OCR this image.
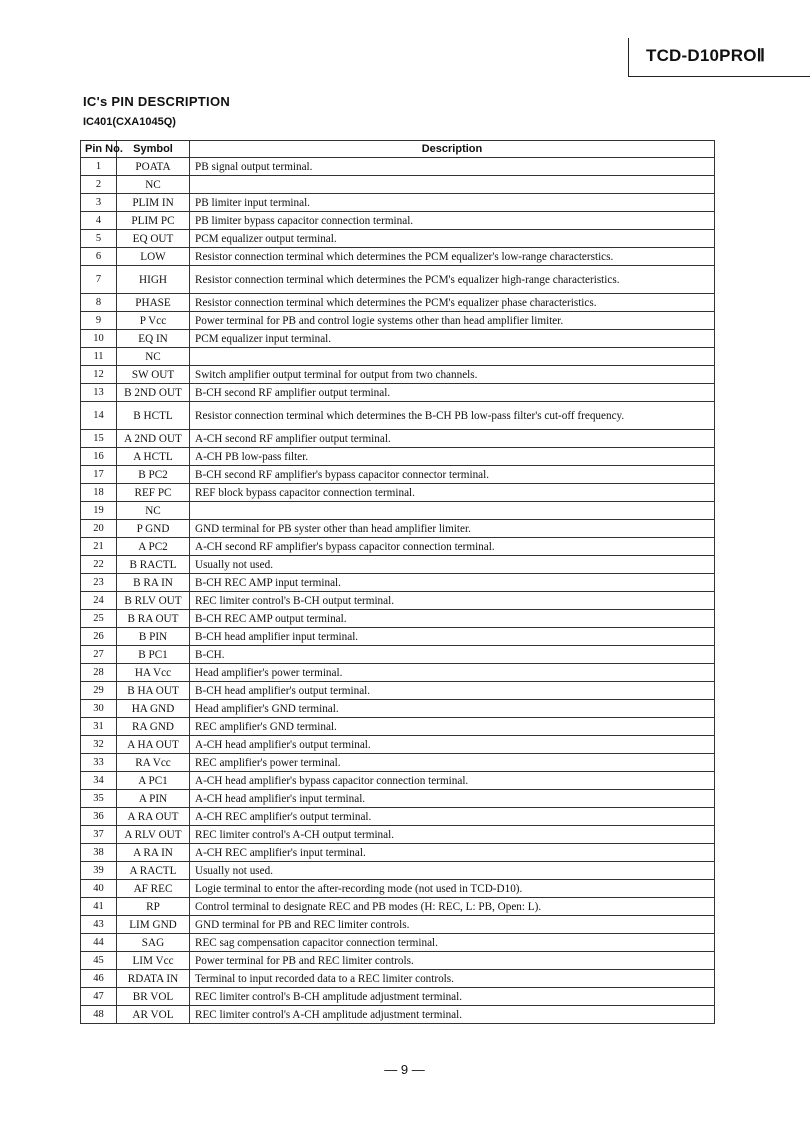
TCD-D10PROⅡ
IC's PIN DESCRIPTION
IC401(CXA1045Q)
Pin No.	Symbol	Description
1	POATA	PB signal output terminal.
2	NC	
3	PLIM IN	PB limiter input terminal.
4	PLIM PC	PB limiter bypass capacitor connection terminal.
5	EQ OUT	PCM equalizer output terminal.
6	LOW	Resistor connection terminal which determines the PCM equalizer's low-range characterstics.
7	HIGH	Resistor connection terminal which determines the PCM's equalizer high-range characteristics.
8	PHASE	Resistor connection terminal which determines the PCM's equalizer phase characteristics.
9	P Vcc	Power terminal for PB and control logie systems other than head amplifier limiter.
10	EQ IN	PCM equalizer input terminal.
11	NC	
12	SW OUT	Switch amplifier output terminal for output from two channels.
13	B 2ND OUT	B-CH second RF amplifier output terminal.
14	B HCTL	Resistor connection terminal which determines the B-CH PB low-pass filter's cut-off frequency.
15	A 2ND OUT	A-CH second RF amplifier output terminal.
16	A HCTL	A-CH PB low-pass filter.
17	B PC2	B-CH second RF amplifier's bypass capacitor connector terminal.
18	REF PC	REF block bypass capacitor connection terminal.
19	NC	
20	P GND	GND terminal for PB syster other than head amplifier limiter.
21	A PC2	A-CH second RF amplifier's bypass capacitor connection terminal.
22	B RACTL	Usually not used.
23	B RA IN	B-CH REC AMP input terminal.
24	B RLV OUT	REC limiter control's B-CH output terminal.
25	B RA OUT	B-CH REC AMP output terminal.
26	B PIN	B-CH head amplifier input terminal.
27	B PC1	B-CH.
28	HA Vcc	Head amplifier's power terminal.
29	B HA OUT	B-CH head amplifier's output terminal.
30	HA GND	Head amplifier's GND terminal.
31	RA GND	REC amplifier's GND terminal.
32	A HA OUT	A-CH head amplifier's output terminal.
33	RA Vcc	REC amplifier's power terminal.
34	A PC1	A-CH head amplifier's bypass capacitor connection terminal.
35	A PIN	A-CH head amplifier's input terminal.
36	A RA OUT	A-CH REC amplifier's output terminal.
37	A RLV OUT	REC limiter control's A-CH output terminal.
38	A RA IN	A-CH REC amplifier's input terminal.
39	A RACTL	Usually not used.
40	AF REC	Logie terminal to entor the after-recording mode (not used in TCD-D10).
41	RP	Control terminal to designate REC and PB modes (H: REC, L: PB, Open: L).
43	LIM GND	GND terminal for PB and REC limiter controls.
44	SAG	REC sag compensation capacitor connection terminal.
45	LIM Vcc	Power terminal for PB and REC limiter controls.
46	RDATA IN	Terminal to input recorded data to a REC limiter controls.
47	BR VOL	REC limiter control's B-CH amplitude adjustment terminal.
48	AR VOL	REC limiter control's A-CH amplitude adjustment terminal.
— 9 —
